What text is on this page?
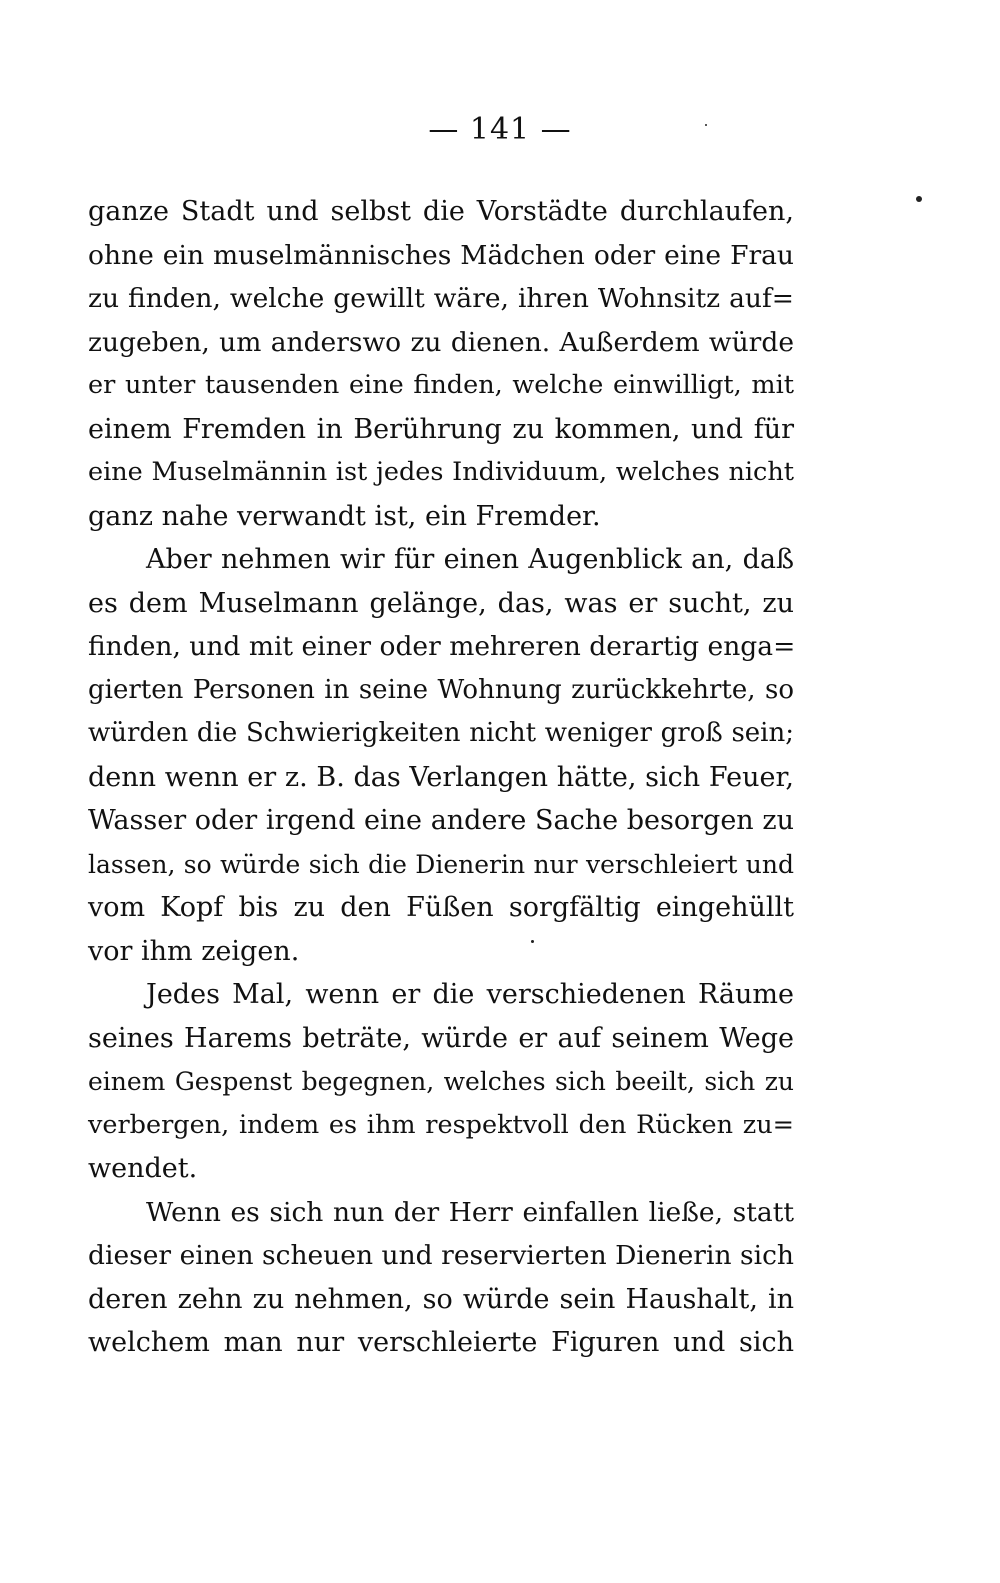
— 141 —
ganze Stadt und selbst die Vorstädte durchlaufen,
ohne ein muselmännisches Mädchen oder eine Frau
zu finden, welche gewillt wäre, ihren Wohnsitz auf=
zugeben, um anderswo zu dienen. Außerdem würde
er unter tausenden eine finden, welche einwilligt, mit
einem Fremden in Berührung zu kommen, und für
eine Muselmännin ist jedes Individuum, welches nicht
ganz nahe verwandt ist, ein Fremder.
Aber nehmen wir für einen Augenblick an, daß
es dem Muselmann gelänge, das, was er sucht, zu
finden, und mit einer oder mehreren derartig enga=
gierten Personen in seine Wohnung zurückkehrte, so
würden die Schwierigkeiten nicht weniger groß sein;
denn wenn er z. B. das Verlangen hätte, sich Feuer,
Wasser oder irgend eine andere Sache besorgen zu
lassen, so würde sich die Dienerin nur verschleiert und
vom Kopf bis zu den Füßen sorgfältig eingehüllt
vor ihm zeigen.
Jedes Mal, wenn er die verschiedenen Räume
seines Harems beträte, würde er auf seinem Wege
einem Gespenst begegnen, welches sich beeilt, sich zu
verbergen, indem es ihm respektvoll den Rücken zu=
wendet.
Wenn es sich nun der Herr einfallen ließe, statt
dieser einen scheuen und reservierten Dienerin sich
deren zehn zu nehmen, so würde sein Haushalt, in
welchem man nur verschleierte Figuren und sich
